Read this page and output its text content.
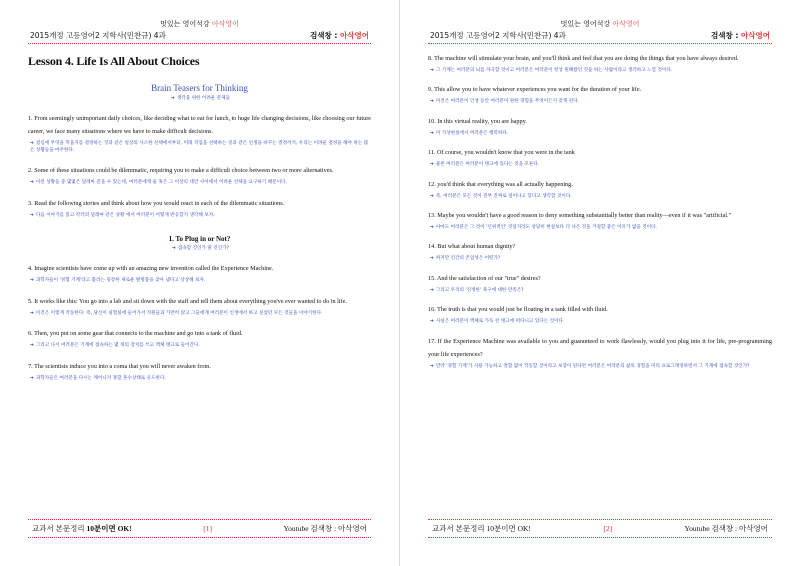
멋있는 영어석강 아삭영어
2015개정 고등영어2 지학사(민찬규) 4과	검색창 : 아삭영어
Lesson 4. Life Is All About Choices
Brain Teasers for Thinking
➔ 생각을 위한 어려운 문제들
1. From seemingly unimportant daily choices, like deciding what to eat for lunch, to huge life changing decisions, like choosing our future career, we face many situations where we have to make difficult decisions.
➔ 점심에 무엇을 먹을지를 결정하는 것과 같은 일상의 사소한 선택에서부터, 미래 직업을 선택하는 것과 같은 인생을 바꾸는 결정까지, 우리는 어려운 결정을 해야 하는 많은 상황들을 마주한다.
2. Some of these situations could be dilemmatic, requiring you to make a difficult choice between two or more alternatives.
➔ 이런 상황들 중 몇몇은 딜레마 같을 수 있는데, 여러분에게 둘 혹은 그 이상의 대안 사이에서 어려운 선택을 요구하기 때문이다.
3. Read the following stories and think about how you would react in each of the dilemmatic situations.
➔ 다음 이야기를 읽고 각각의 딜레마 같은 상황 에서 여러분이 어떻게 반응할지 생각해 보자.
1. To Plug in or Not?
➔ 접속할 것인가 말 것인가?
4. Imagine scientists have come up with an amazing new invention called the Experience Machine.
➔ 과학자들이 '경험 기계'라고 불리는 굉장한 새로운 발명품을 찾아 냈다고 상상해 보자.
5. It works like this: You go into a lab and sit down with the staff and tell them about everything you've ever wanted to do in life.
➔ 이것은 이렇게 작동한다: 즉, 당신이 실험실에 들어가서 직원들과 가만히 앉고 그들에게 여러분이 인생에서 하고 싶었던 모든 것들을 이야기한다.
6. Then, you put on some gear that connects to the machine and go into a tank of fluid.
➔ 그리고 나서 여러분은 기계에 접속하는 몇 개의 장치를 쓰고 액체 탱크로 들어간다.
7. The scientists induce you into a coma that you will never awaken from.
➔ 과학자들은 여러분을 다시는 깨어나지 못할 혼수상태로 유도한다.
교과서 본문정리 10분이면 OK!	[1]	Youtube 검색창 : 아삭영어
멋있는 영어석강 아삭영어
2015개정 고등영어2 지학사(민찬규) 4과	검색창 : 아삭영어
8. The machine will stimulate your brain, and you'll think and feel that you are doing the things that you have always desired.
➔ 그 기계는 여러분의 뇌를 자극할 것이고 여러분은 여러분이 항상 원해왔던 것을 하는 사람이라고 생각하고 느낄 것이다.
9. This allow you to have whatever experiences you want for the duration of your life.
➔ 이것은 여러분이 인생 동안 여러분이 원한 경험을 무엇이든지 갖게 된다.
10. In this virtual reality, you are happy.
➔ 이 가상현실에서 여러분은 행복하다.
11. Of course, you wouldn't know that you were in the tank
➔ 물론 여러분은 여러분이 탱크에 있다는 것을 모른다.
12. you'd think that everything was all actually happening.
➔ 즉, 여러분은 모든 것이 전부 진짜로 일어나고 있다고 생각할 것이다.
13. Maybe you wouldn't have a good reason to deny something substantially better than reality—even if it was "artificial."
➔ 아마도 여러분은 그 것이 '인위적인' 것일지라도 상당히 현실보다 더 나은 것을 거절할 좋은 이유가 없을 것이다.
14. But what about human dignity?
➔ 하지만 인간의 존엄성은 어떤가?
15. And the satisfaction of our "true" desires?
➔ 그리고 우리의 '진정한' 욕구에 대한 만족은?
16. The truth is that you would just be floating in a tank filled with fluid.
➔ 사실은 여러분이 액체로 가득 찬 탱크에 떠다니고 있다는 것이다.
17. If the Experience Machine was available to you and guaranteed to work flawlessly, would you plug into it for life, pre-programming your life experiences?
➔ 만약 '경험 기계'가 사용 가능하고 결함 없이 작동할 것이라고 보장이 된다면 여러분은 여러분의 삶의 경험을 미리 프로그래밍하면서 그 기계에 접속할 것인가?
교과서 본문정리 10분이면 OK!	[2]	Youtube 검색창 : 아삭영어
